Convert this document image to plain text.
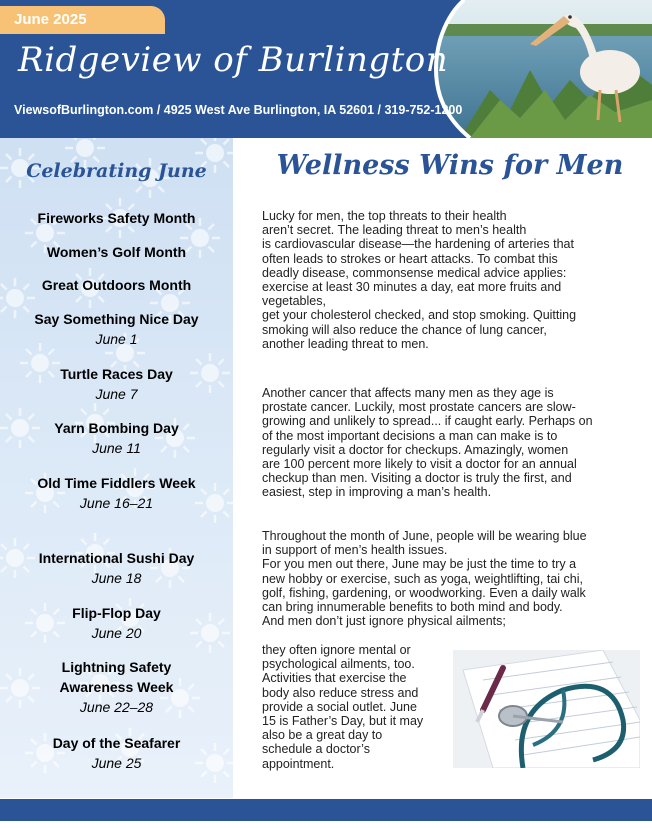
June 2025
Ridgeview of Burlington
ViewsofBurlington.com / 4925 West Ave Burlington, IA 52601 / 319-752-1200
Celebrating June
Fireworks Safety Month
Women’s Golf Month
Great Outdoors Month
Say Something Nice Day
June 1
Turtle Races Day
June 7
Yarn Bombing Day
June 11
Old Time Fiddlers Week
June 16–21
International Sushi Day
June 18
Flip-Flop Day
June 20
Lightning Safety
Awareness Week
June 22–28
Day of the Seafarer
June 25
Wellness Wins for Men
Lucky for men, the top threats to their health
aren’t secret. The leading threat to men’s health
is cardiovascular disease—the hardening of arteries that
often leads to strokes or heart attacks. To combat this
deadly disease, commonsense medical advice applies:
exercise at least 30 minutes a day, eat more fruits and
vegetables,
get your cholesterol checked, and stop smoking. Quitting
smoking will also reduce the chance of lung cancer,
another leading threat to men.
Another cancer that affects many men as they age is
prostate cancer. Luckily, most prostate cancers are slow-
growing and unlikely to spread... if caught early. Perhaps on
of the most important decisions a man can make is to
regularly visit a doctor for checkups. Amazingly, women
are 100 percent more likely to visit a doctor for an annual
checkup than men. Visiting a doctor is truly the first, and
easiest, step in improving a man’s health.
Throughout the month of June, people will be wearing blue
in support of men’s health issues.
For you men out there, June may be just the time to try a
new hobby or exercise, such as yoga, weightlifting, tai chi,
golf, fishing, gardening, or woodworking. Even a daily walk
can bring innumerable benefits to both mind and body.
And men don’t just ignore physical ailments;
they often ignore mental or
psychological ailments, too.
Activities that exercise the
body also reduce stress and
provide a social outlet. June
15 is Father’s Day, but it may
also be a great day to
schedule a doctor’s
appointment.
